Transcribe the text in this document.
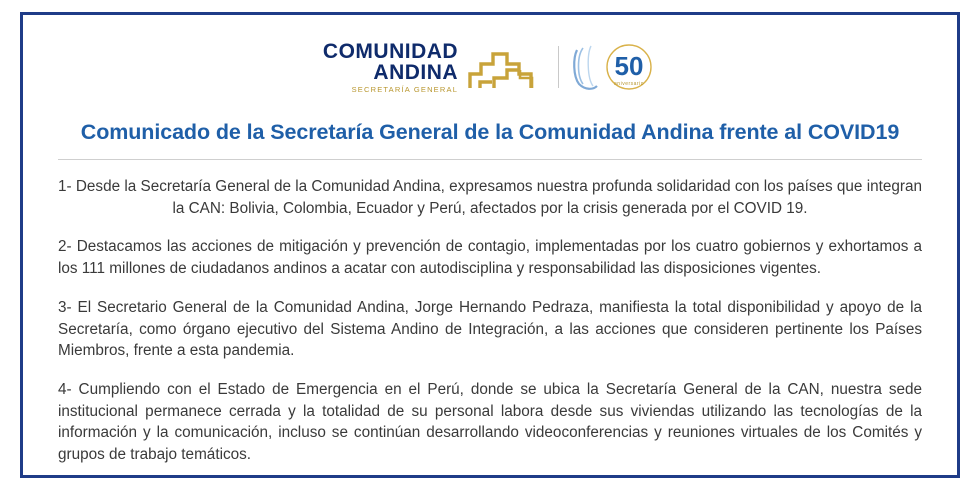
COMUNIDAD
ANDINA
SECRETARÍA GENERAL
50
aniversario
Comunicado de la Secretaría General de la Comunidad Andina frente al COVID19

1- Desde la Secretaría General de la Comunidad Andina, expresamos nuestra profunda solidaridad con los países que integran la CAN: Bolivia, Colombia, Ecuador y Perú, afectados por la crisis generada por el COVID 19.

2- Destacamos las acciones de mitigación y prevención de contagio, implementadas por los cuatro gobiernos y exhortamos a los 111 millones de ciudadanos andinos a acatar con autodisciplina y responsabilidad las disposiciones vigentes.

3- El Secretario General de la Comunidad Andina, Jorge Hernando Pedraza, manifiesta la total disponibilidad y apoyo de la Secretaría, como órgano ejecutivo del Sistema Andino de Integración, a las acciones que consideren pertinente los Países Miembros, frente a esta pandemia.

4- Cumpliendo con el Estado de Emergencia en el Perú, donde se ubica la Secretaría General de la CAN, nuestra sede institucional permanece cerrada y la totalidad de su personal labora desde sus viviendas utilizando las tecnologías de la información y la comunicación, incluso se continúan desarrollando videoconferencias y reuniones virtuales de los Comités y grupos de trabajo temáticos.
